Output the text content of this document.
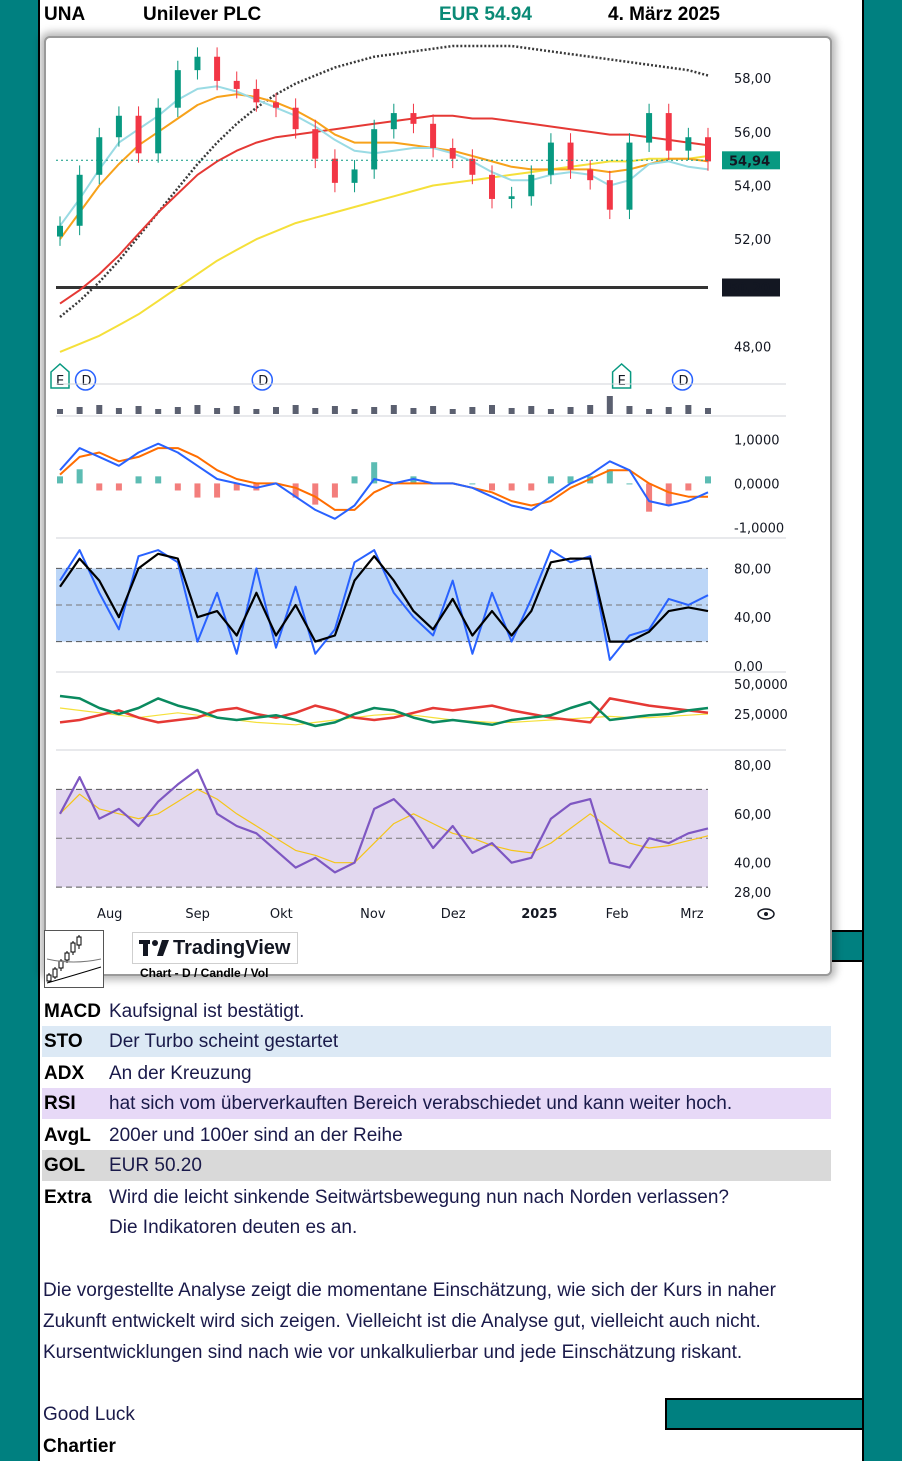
UNA	Unilever PLC	EUR 54.94	4. März 2025
58,00
56,00
54,00
52,00
48,00
50,20
54,94
E D	D	E	D
1,0000
0,0000
-1,0000
80,00
40,00
0,00
50,0000
25,0000
80,00
60,00
40,00
28,00
Aug	Sep	Okt	Nov	Dez	2025	Feb	Mrz
TradingView
Chart - D / Candle / Vol
MACD Kaufsignal ist bestätigt.
STO Der Turbo scheint gestartet
ADX An der Kreuzung
RSI hat sich vom überverkauften Bereich verabschiedet und kann weiter hoch.
AvgL 200er und 100er sind an der Reihe
GOL EUR 50.20
Extra Wird die leicht sinkende Seitwärtsbewegung nun nach Norden verlassen?
Die Indikatoren deuten es an.
Die vorgestellte Analyse zeigt die momentane Einschätzung, wie sich der Kurs in naher
Zukunft entwickelt wird sich zeigen. Vielleicht ist die Analyse gut, vielleicht auch nicht.
Kursentwicklungen sind nach wie vor unkalkulierbar und jede Einschätzung riskant.
Good Luck
Chartier
